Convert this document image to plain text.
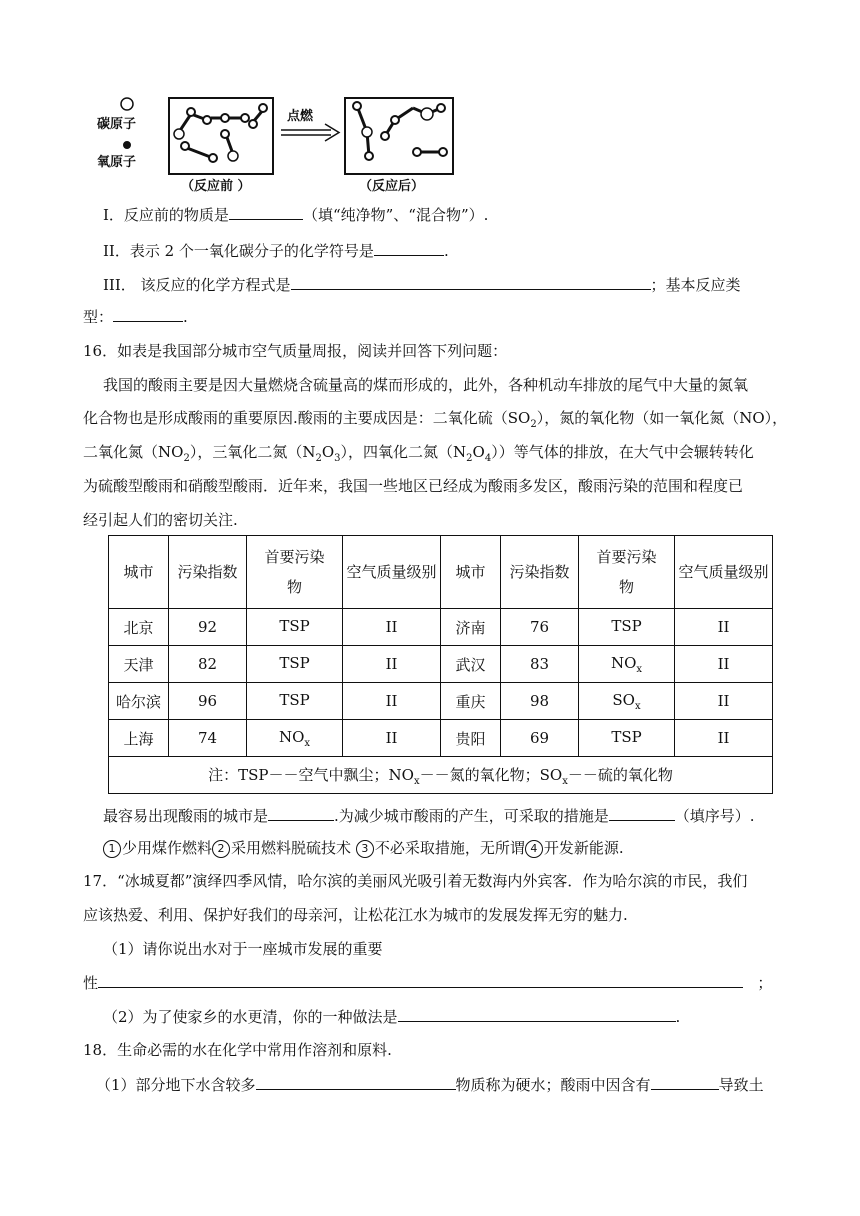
碳原子
氧原子
点燃
（反应前 ）	（反应后）
I．反应前的物质是	（填“纯净物”、“混合物”）.
II．表示 2 个一氧化碳分子的化学符号是	.
III． 该反应的化学方程式是	；基本反应类
型：	.
16．如表是我国部分城市空气质量周报，阅读并回答下列问题：
我国的酸雨主要是因大量燃烧含硫量高的煤而形成的，此外，各种机动车排放的尾气中大量的氮氧
化合物也是形成酸雨的重要原因.酸雨的主要成因是：二氧化硫$(SO_2)$，氮的氧化物（如一氧化氮（NO），
二氧化氮$(NO_2)$，三氧化二氮$(N_2O_3)$，四氧化二氮$(N_2O_4)$）等气体的排放，在大气中会辗转转化
为硫酸型酸雨和硝酸型酸雨．近年来，我国一些地区已经成为酸雨多发区，酸雨污染的范围和程度已
经引起人们的密切关注.
城市	污染指数	首要污染物	空气质量级别	城市	污染指数	首要污染物	空气质量级别
北京	92	TSP	II	济南	76	TSP	II
天津	82	TSP	II	武汉	83	$NO_x$	II
哈尔滨	96	TSP	II	重庆	98	$SO_x$	II
上海	74	$NO_x$	II	贵阳	69	TSP	II
注：TSP－－空气中飘尘；$NO_x--$氮的氧化物；$SO_x--$硫的氧化物							
最容易出现酸雨的城市是	.为减少城市酸雨的产生，可采取的措施是	（填序号）.
1 少用煤作燃料 2 采用燃料脱硫技术 3 不必采取措施，无所谓 4 开发新能源.
17．“冰城夏都”演绎四季风情，哈尔滨的美丽风光吸引着无数海内外宾客．作为哈尔滨的市民，我们
应该热爱、利用、保护好我们的母亲河，让松花江水为城市的发展发挥无穷的魅力.
（1）请你说出水对于一座城市发展的重要
性	；
（2）为了使家乡的水更清，你的一种做法是	.
18．生命必需的水在化学中常用作溶剂和原料.
（1）部分地下水含较多	物质称为硬水；酸雨中因含有	导致土
